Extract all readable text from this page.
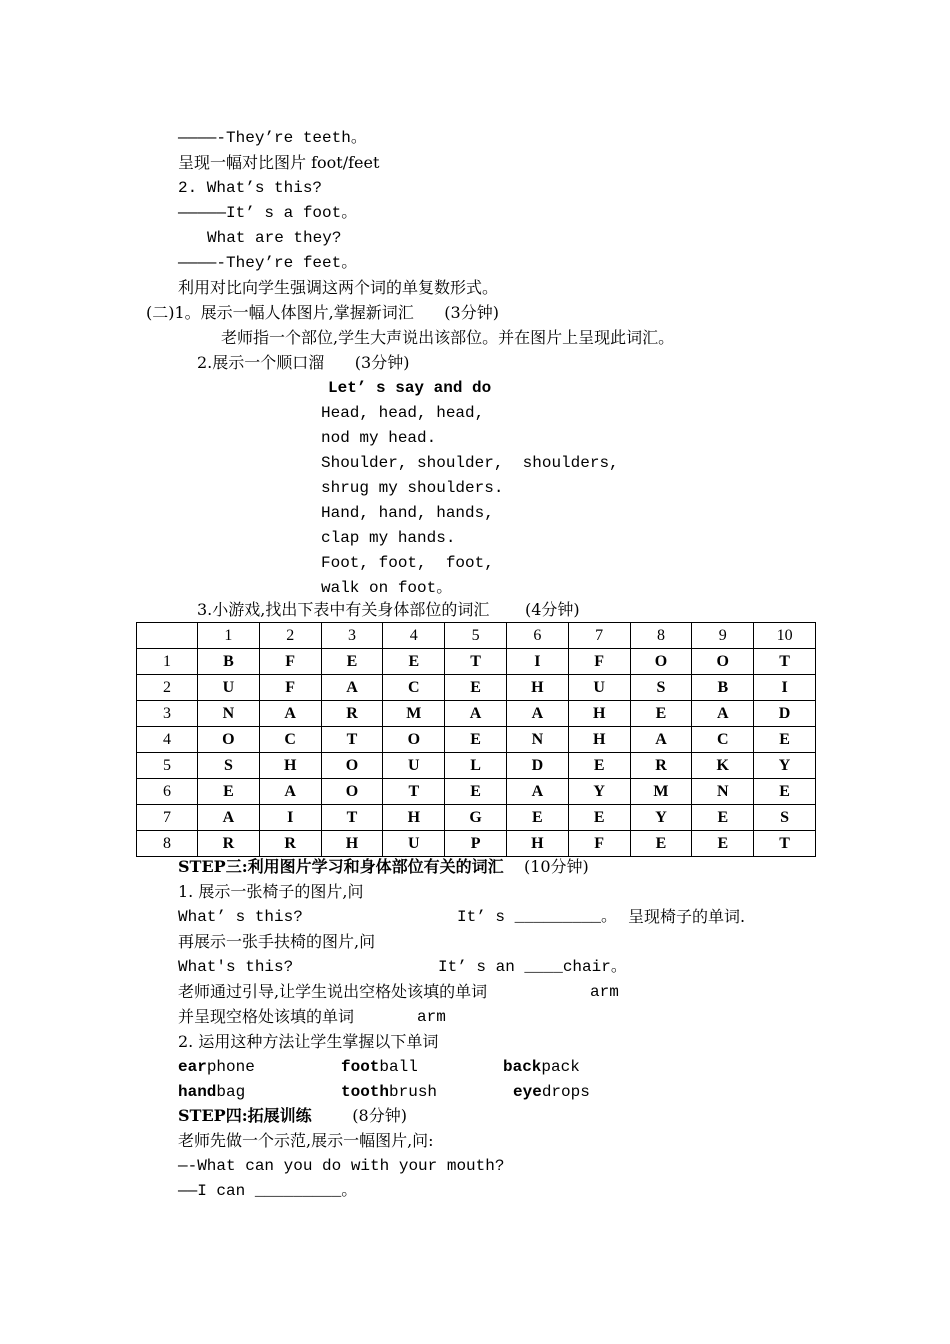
————-They’re teeth。
呈现一幅对比图片 foot/feet
2. What’s this?
—————It’ s a foot。
What are they?
————-They’re feet。
利用对比向学生强调这两个词的单复数形式。
(二)1。展示一幅人体图片,掌握新词汇      (3分钟)
老师指一个部位,学生大声说出该部位。并在图片上呈现此词汇。
2.展示一个顺口溜      (3分钟)
Let’ s say and do
Head, head, head,
nod my head.
Shoulder, shoulder,  shoulders,
shrug my shoulders.
Hand, hand, hands,
clap my hands.
Foot, foot,  foot,
walk on foot。
3.小游戏,找出下表中有关身体部位的词汇       (4分钟)
	1	2	3	4	5	6	7	8	9	10
1	B	F	E	E	T	I	F	O	O	T
2	U	F	A	C	E	H	U	S	B	I
3	N	A	R	M	A	A	H	E	A	D
4	O	C	T	O	E	N	H	A	C	E
5	S	H	O	U	L	D	E	R	K	Y
6	E	A	O	T	E	A	Y	M	N	E
7	A	I	T	H	G	E	E	Y	E	S
8	R	R	H	U	P	H	F	E	E	T
STEP三:利用图片学习和身体部位有关的词汇 (10分钟)
1. 展示一张椅子的图片,问
What’ s this?	It’ s _________。 呈现椅子的单词.
再展示一张手扶椅的图片,问
What's this?	It’ s an ____chair。
老师通过引导,让学生说出空格处该填的单词	arm
并呈现空格处该填的单词	arm
2. 运用这种方法让学生掌握以下单词
earphone	football	backpack
handbag	toothbrush	eyedrops
STEP四:拓展训练	(8分钟)
老师先做一个示范,展示一幅图片,问:
—-What can you do with your mouth?
——I can _________。
